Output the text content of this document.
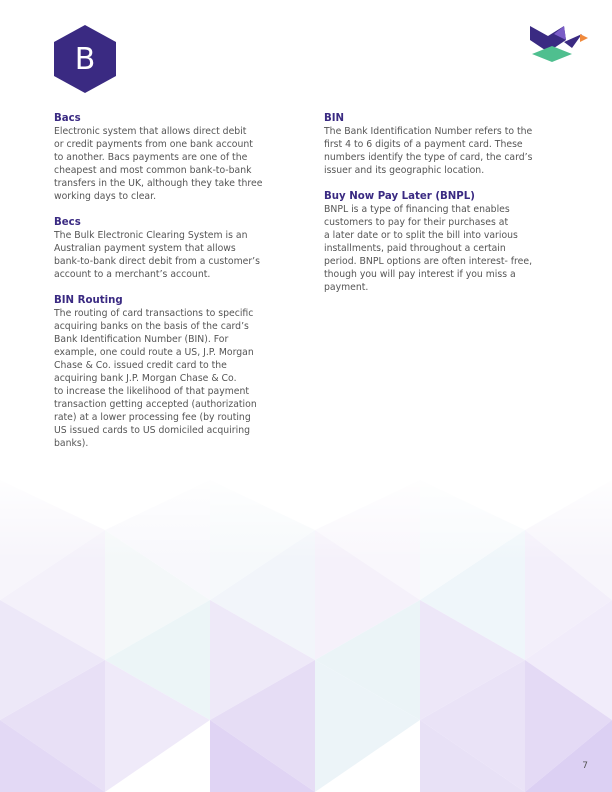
B

Bacs

Electronic system that allows direct debit
or credit payments from one bank account
to another. Bacs payments are one of the
cheapest and most common bank-to-bank
transfers in the UK, although they take three
working days to clear.

Becs

The Bulk Electronic Clearing System is an
Australian payment system that allows
bank-to-bank direct debit from a customer’s
account to a merchant’s account.

BIN Routing

The routing of card transactions to specific
acquiring banks on the basis of the card’s
Bank Identification Number (BIN). For
example, one could route a US, J.P. Morgan
Chase & Co. issued credit card to the
acquiring bank J.P. Morgan Chase & Co.
to increase the likelihood of that payment
transaction getting accepted (authorization
rate) at a lower processing fee (by routing
US issued cards to US domiciled acquiring
banks).

BIN

The Bank Identification Number refers to the
first 4 to 6 digits of a payment card. These
numbers identify the type of card, the card’s
issuer and its geographic location.

Buy Now Pay Later (BNPL)

BNPL is a type of financing that enables
customers to pay for their purchases at
a later date or to split the bill into various
installments, paid throughout a certain
period. BNPL options are often interest- free,
though you will pay interest if you miss a
payment.

7
